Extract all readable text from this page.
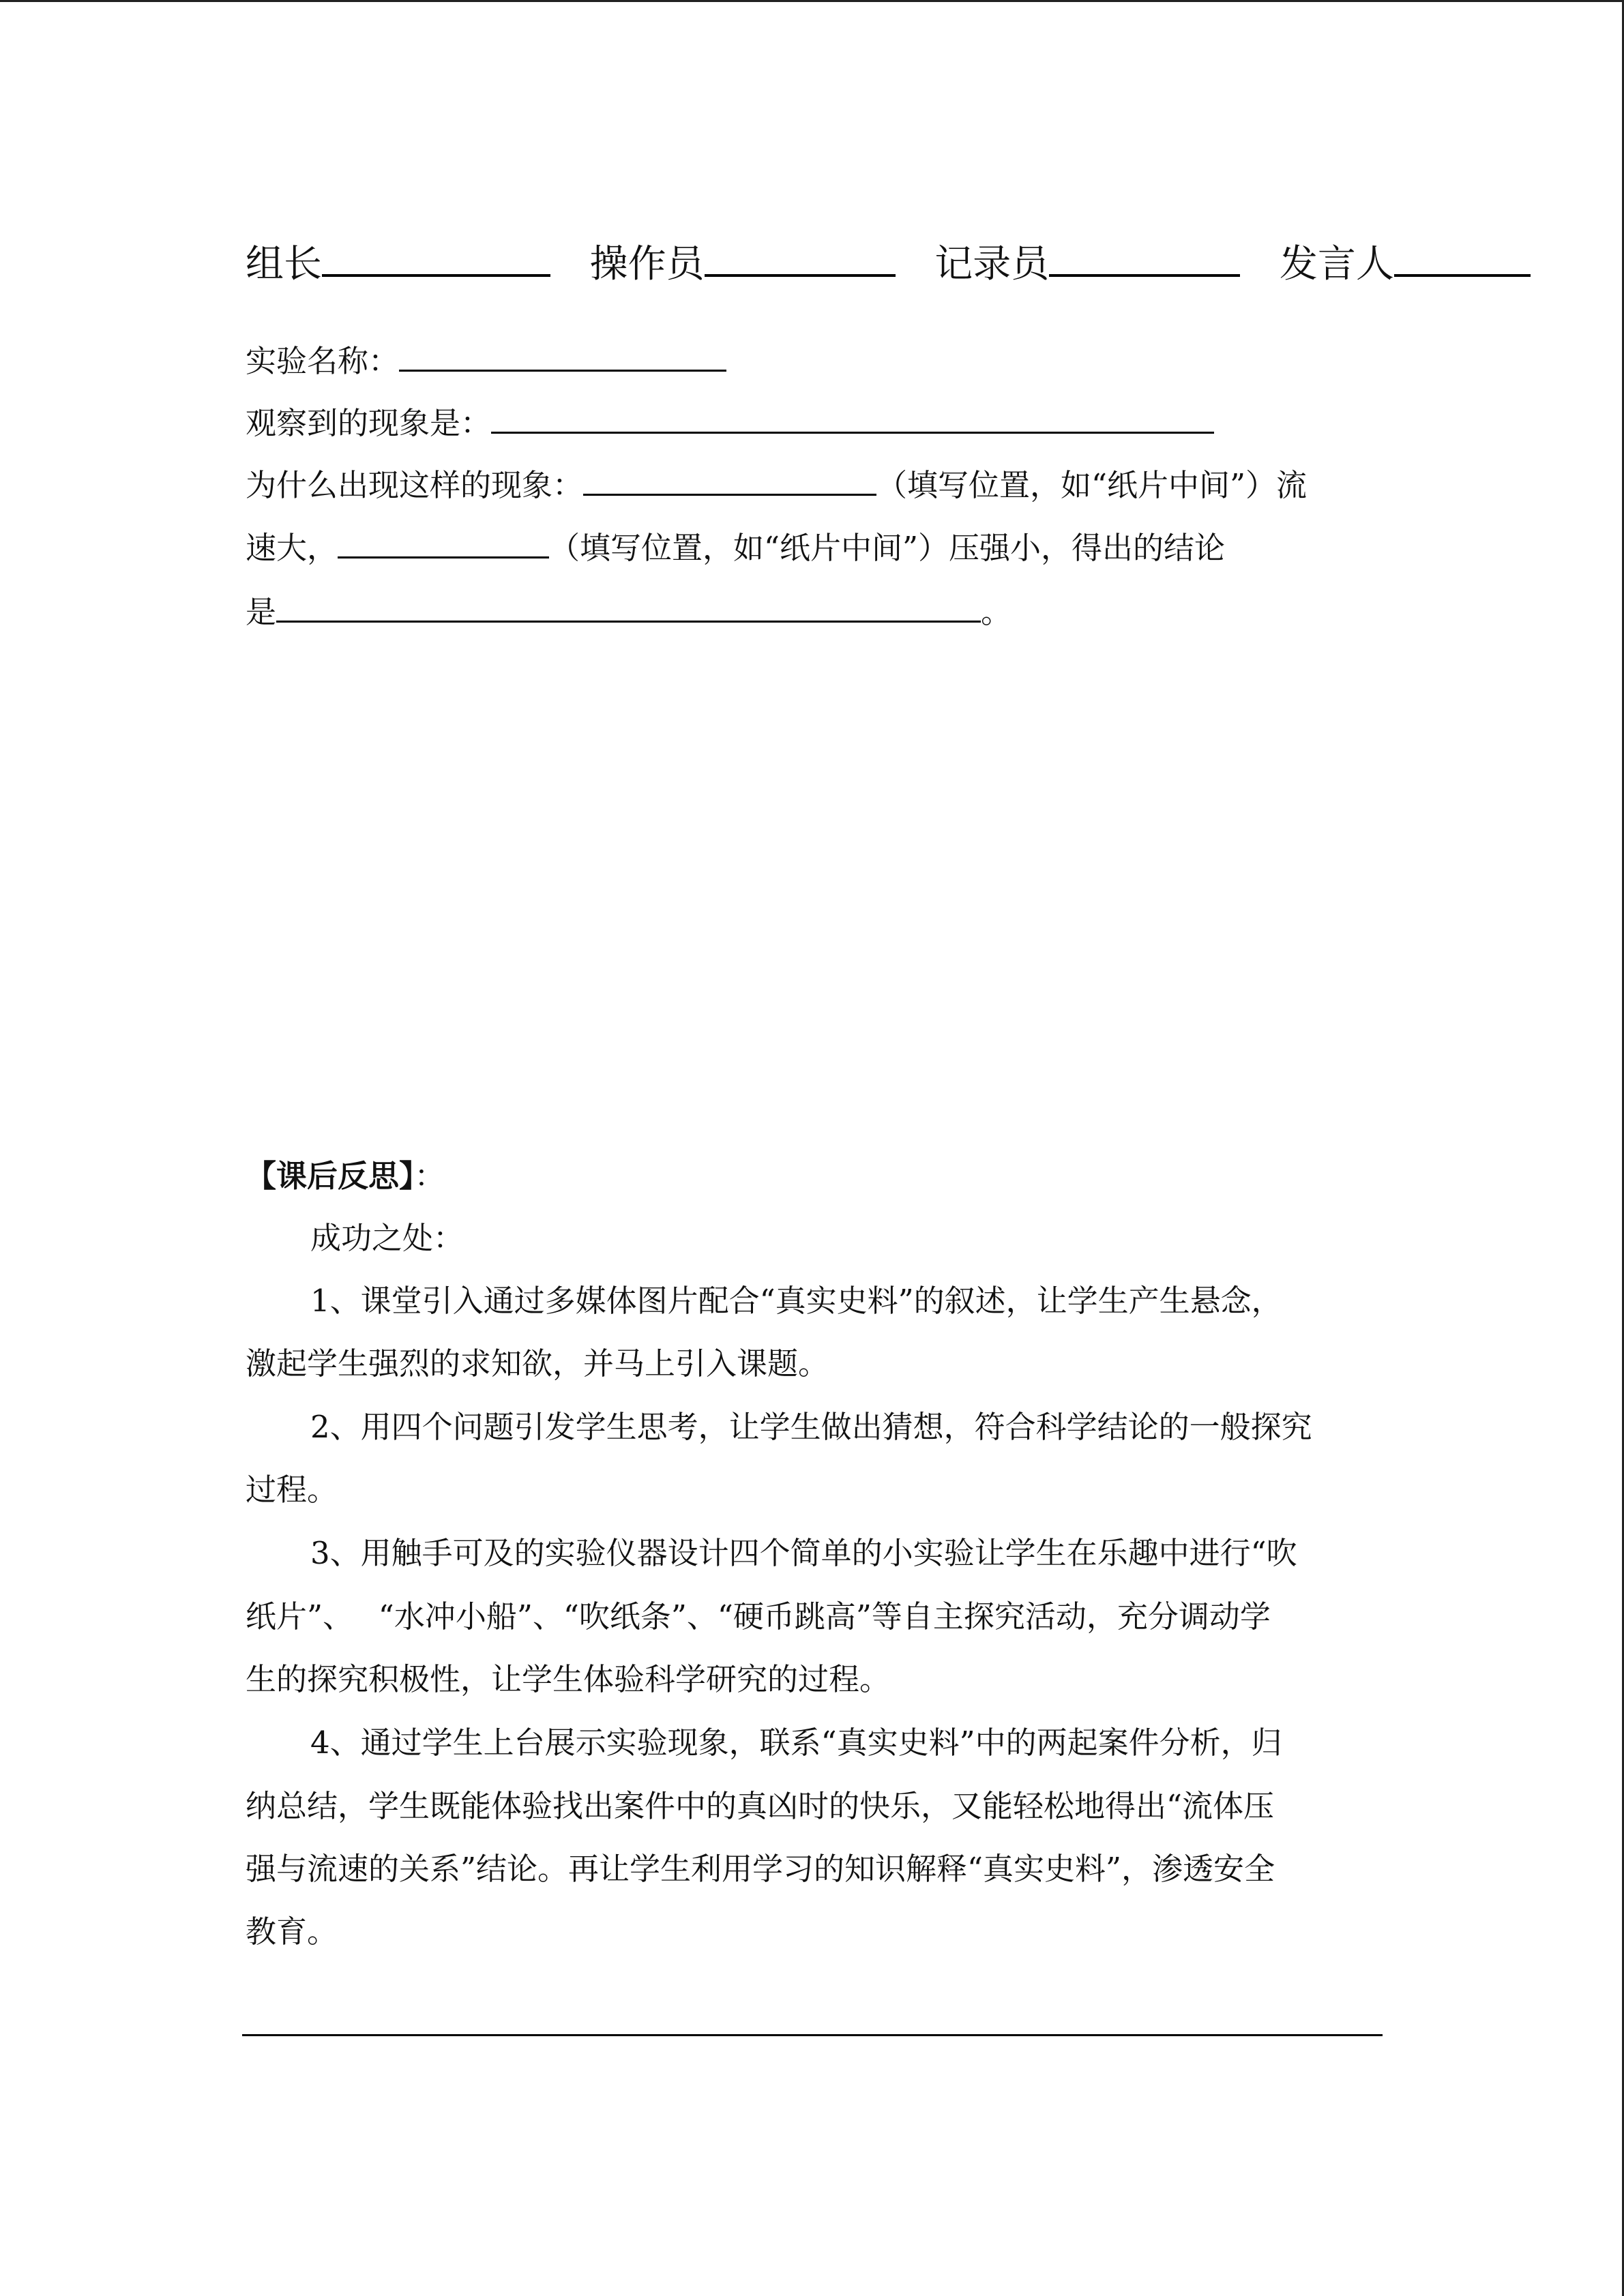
组长	操作员	记录员	发言人
实验名称：
观察到的现象是：
为什么出现这样的现象：	（填写位置，如“纸片中间”）流
速大，	（填写位置，如“纸片中间”）压强小，得出的结论
是	。
【课后反思】：
成功之处：
1、课堂引入通过多媒体图片配合“真实史料”的叙述，让学生产生悬念，
激起学生强烈的求知欲，并马上引入课题。
2、用四个问题引发学生思考，让学生做出猜想，符合科学结论的一般探究
过程。
3、用触手可及的实验仪器设计四个简单的小实验让学生在乐趣中进行“吹
纸片”、　 “水冲小船”、“吹纸条”、“硬币跳高”等自主探究活动，充分调动学
生的探究积极性，让学生体验科学研究的过程。
4、通过学生上台展示实验现象，联系“真实史料”中的两起案件分析，归
纳总结，学生既能体验找出案件中的真凶时的快乐，又能轻松地得出“流体压
强与流速的关系”结论。再让学生利用学习的知识解释“真实史料”，渗透安全
教育。
